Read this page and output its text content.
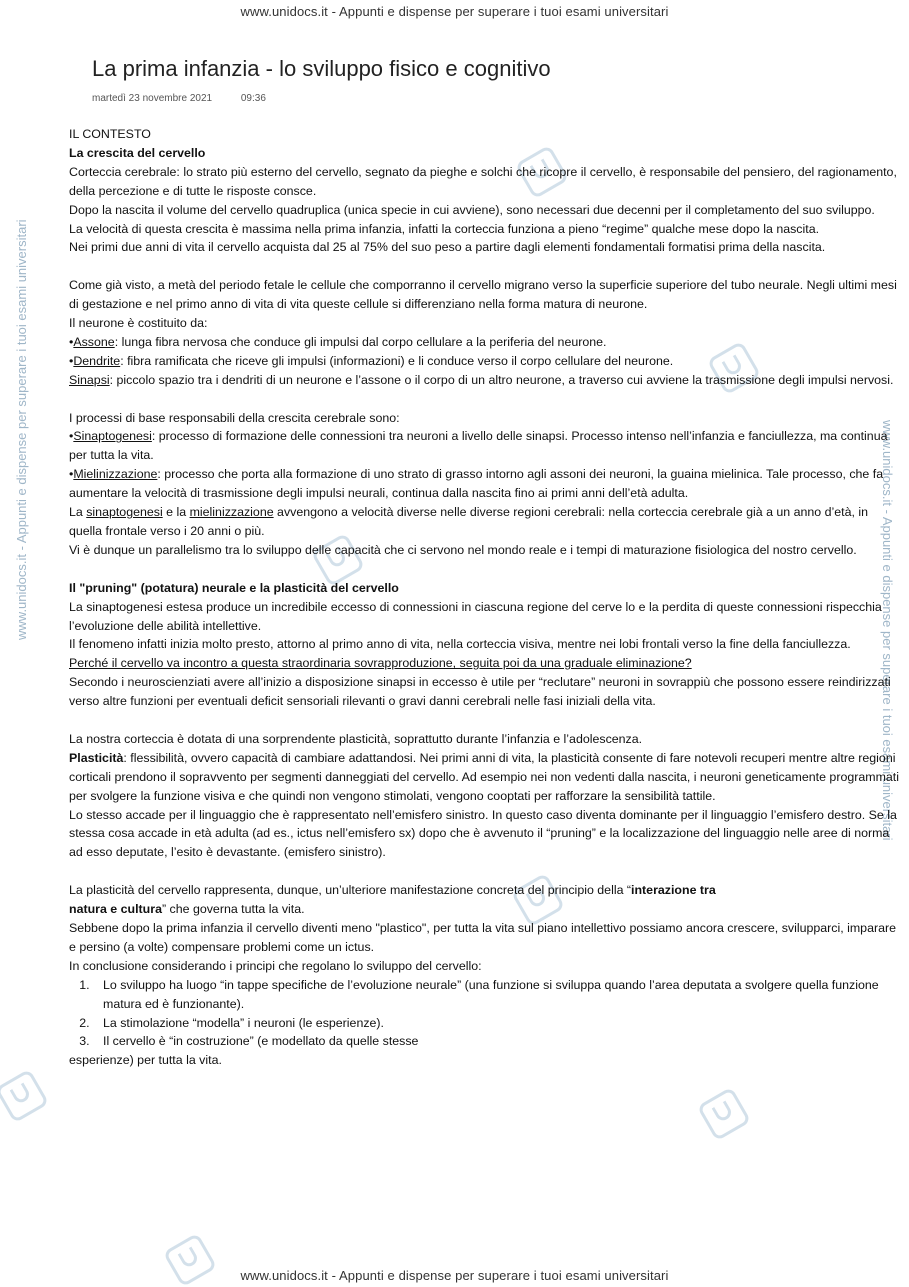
www.unidocs.it - Appunti e dispense per superare i tuoi esami universitari
www.unidocs.it - Appunti e dispense per superare i tuoi esami universitari
www.unidocs.it - Appunti e dispense per superare i tuoi esami universitari	www.unidocs.it - Appunti e dispense per superare i tuoi esami universitari
La prima infanzia - lo sviluppo fisico e cognitivo
martedì 23 novembre 2021	09:36

IL CONTESTO

La crescita del cervello

Corteccia cerebrale: lo strato più esterno del cervello, segnato da pieghe e solchi che ricopre il cervello, è responsabile del pensiero, del ragionamento, della percezione e di tutte le risposte consce.

Dopo la nascita il volume del cervello quadruplica (unica specie in cui avviene), sono necessari due decenni per il completamento del suo sviluppo.

La velocità di questa crescita è massima nella prima infanzia, infatti la corteccia funziona a pieno “regime” qualche mese dopo la nascita.

Nei primi due anni di vita il cervello acquista dal 25 al 75% del suo peso a partire dagli elementi fondamentali formatisi prima della nascita.

Come già visto, a metà del periodo fetale le cellule che comporranno il cervello migrano verso la superficie superiore del tubo neurale. Negli ultimi mesi di gestazione e nel primo anno di vita di vita queste cellule si differenziano nella forma matura di neurone.

Il neurone è costituito da:

• Assone: lunga fibra nervosa che conduce gli impulsi dal corpo cellulare a la periferia del neurone.

• Dendrite: fibra ramificata che riceve gli impulsi (informazioni) e li conduce verso il corpo cellulare del neurone.

Sinapsi: piccolo spazio tra i dendriti di un neurone e l’assone o il corpo di un altro neurone, a traverso cui avviene la trasmissione degli impulsi nervosi.

I processi di base responsabili della crescita cerebrale sono:

• Sinaptogenesi: processo di formazione delle connessioni tra neuroni a livello delle sinapsi. Processo intenso nell’infanzia e fanciullezza, ma continua per tutta la vita.

• Mielinizzazione: processo che porta alla formazione di uno strato di grasso intorno agli assoni dei neuroni, la guaina mielinica. Tale processo, che fa aumentare la velocità di trasmissione degli impulsi neurali, continua dalla nascita fino ai primi anni dell’età adulta.

La sinaptogenesi e la mielinizzazione avvengono a velocità diverse nelle diverse regioni cerebrali: nella corteccia cerebrale già a un anno d’età, in quella frontale verso i 20 anni o più.

Vi è dunque un parallelismo tra lo sviluppo delle capacità che ci servono nel mondo reale e i tempi di maturazione fisiologica del nostro cervello.

Il "pruning" (potatura) neurale e la plasticità del cervello

La sinaptogenesi estesa produce un incredibile eccesso di connessioni in ciascuna regione del cerve lo e la perdita di queste connessioni rispecchia l’evoluzione delle abilità intellettive.

Il fenomeno infatti inizia molto presto, attorno al primo anno di vita, nella corteccia visiva, mentre nei lobi frontali verso la fine della fanciullezza.

Perché il cervello va incontro a questa straordinaria sovrapproduzione, seguita poi da una graduale eliminazione?

Secondo i neuroscienziati avere all’inizio a disposizione sinapsi in eccesso è utile per “reclutare” neuroni in sovrappiù che possono essere reindirizzati verso altre funzioni per eventuali deficit sensoriali rilevanti o gravi danni cerebrali nelle fasi iniziali della vita.

La nostra corteccia è dotata di una sorprendente plasticità, soprattutto durante l’infanzia e l’adolescenza.

Plasticità: flessibilità, ovvero capacità di cambiare adattandosi. Nei primi anni di vita, la plasticità consente di fare notevoli recuperi mentre altre regioni corticali prendono il sopravvento per segmenti danneggiati del cervello. Ad esempio nei non vedenti dalla nascita, i neuroni geneticamente programmati per svolgere la funzione visiva e che quindi non vengono stimolati, vengono cooptati per rafforzare la sensibilità tattile.

Lo stesso accade per il linguaggio che è rappresentato nell’emisfero sinistro. In questo caso diventa dominante per il linguaggio l’emisfero destro. Se la stessa cosa accade in età adulta (ad es., ictus nell’emisfero sx) dopo che è avvenuto il “pruning” e la localizzazione del linguaggio nelle aree di norma ad esso deputate, l’esito è devastante. (emisfero sinistro).

La plasticità del cervello rappresenta, dunque, un’ulteriore manifestazione concreta del principio della “interazione tra
natura e cultura” che governa tutta la vita.

Sebbene dopo la prima infanzia il cervello diventi meno "plastico", per tutta la vita sul piano intellettivo possiamo ancora crescere, svilupparci, imparare e persino (a volte) compensare problemi come un ictus.

In conclusione considerando i principi che regolano lo sviluppo del cervello:

1. Lo sviluppo ha luogo “in tappe specifiche de l’evoluzione neurale” (una funzione si sviluppa quando l’area deputata a svolgere quella funzione matura ed è funzionante).
2. La stimolazione “modella” i neuroni (le esperienze).
3. Il cervello è “in costruzione” (e modellato da quelle stesse

esperienze) per tutta la vita.
